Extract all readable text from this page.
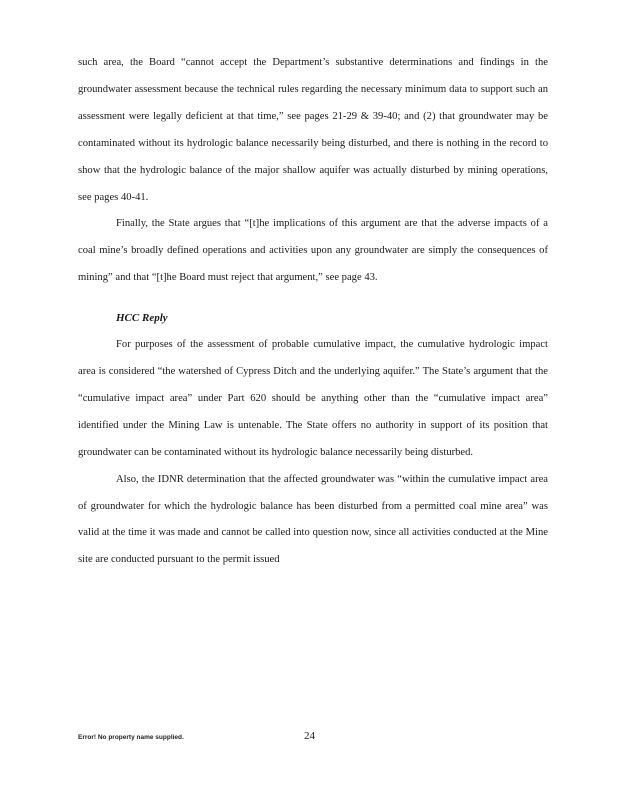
such area, the Board “cannot accept the Department’s substantive determinations and findings in the groundwater assessment because the technical rules regarding the necessary minimum data to support such an assessment were legally deficient at that time,” see pages 21-29 & 39-40; and (2) that groundwater may be contaminated without its hydrologic balance necessarily being disturbed, and there is nothing in the record to show that the hydrologic balance of the major shallow aquifer was actually disturbed by mining operations, see pages 40-41.

Finally, the State argues that “[t]he implications of this argument are that the adverse impacts of a coal mine’s broadly defined operations and activities upon any groundwater are simply the consequences of mining” and that “[t]he Board must reject that argument,” see page 43.

HCC Reply

For purposes of the assessment of probable cumulative impact, the cumulative hydrologic impact area is considered “the watershed of Cypress Ditch and the underlying aquifer.” The State’s argument that the “cumulative impact area” under Part 620 should be anything other than the “cumulative impact area” identified under the Mining Law is untenable. The State offers no authority in support of its position that groundwater can be contaminated without its hydrologic balance necessarily being disturbed.

Also, the IDNR determination that the affected groundwater was “within the cumulative impact area of groundwater for which the hydrologic balance has been disturbed from a permitted coal mine area” was valid at the time it was made and cannot be called into question now, since all activities conducted at the Mine site are conducted pursuant to the permit issued

Error! No property name supplied.	24
